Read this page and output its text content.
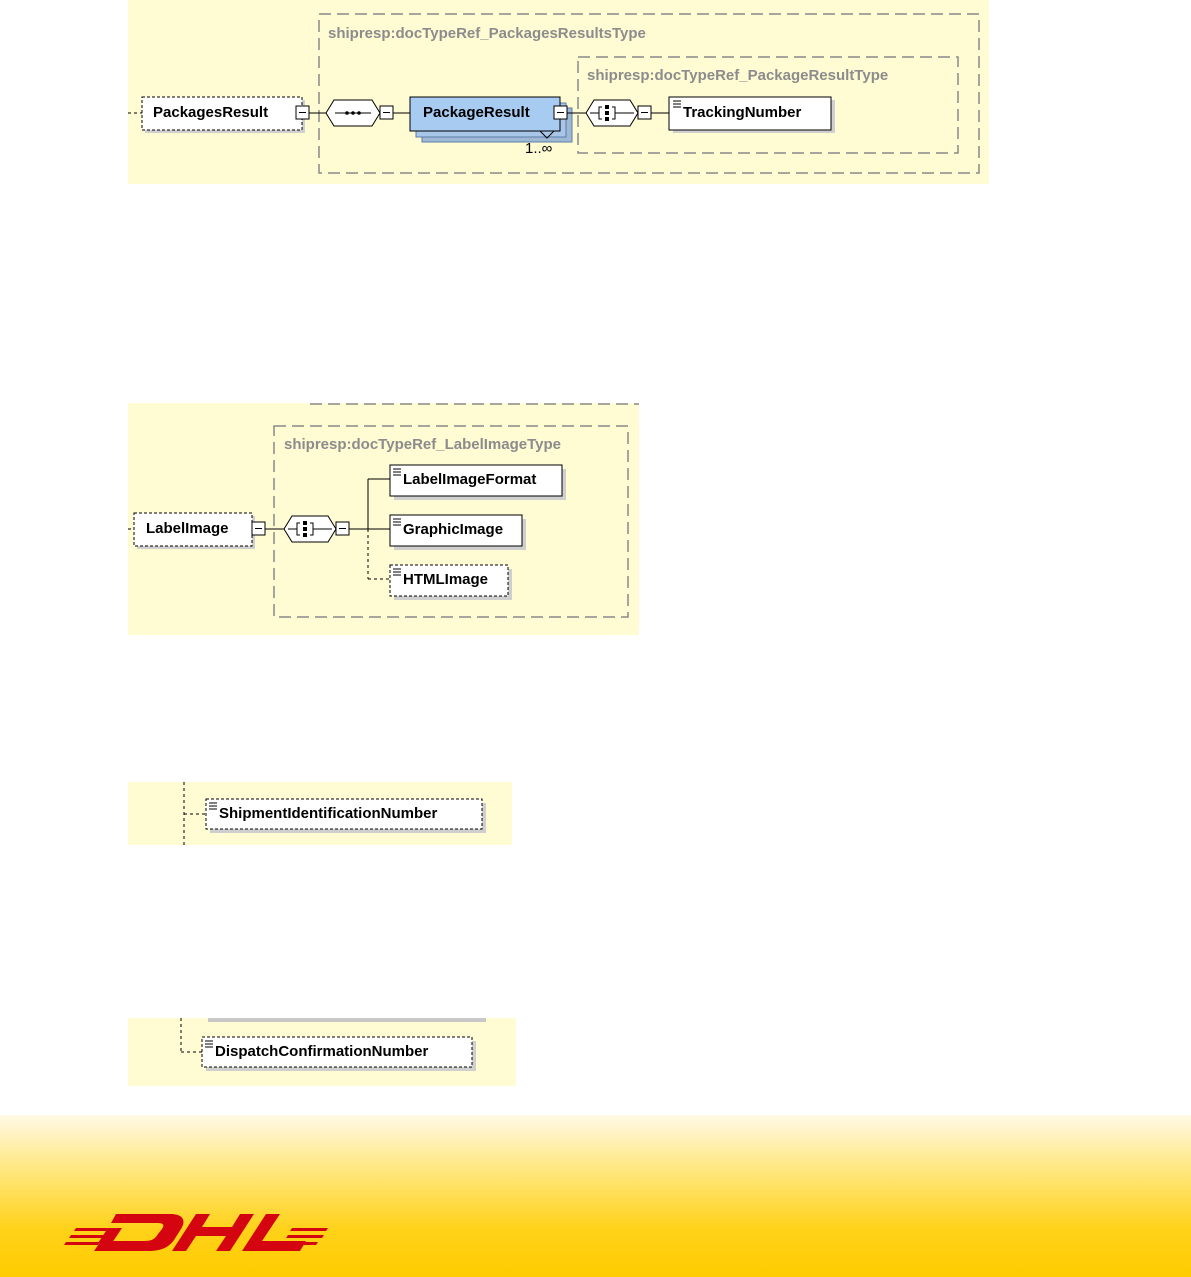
shipresp:docTypeRef_PackagesResultsType
shipresp:docTypeRef_PackageResultType
PackagesResult	PackageResult
1..∞
TrackingNumber
shipresp:docTypeRef_LabelImageType
LabelImage
LabelImageFormat
GraphicImage
HTMLImage
ShipmentIdentificationNumber
DispatchConfirmationNumber
